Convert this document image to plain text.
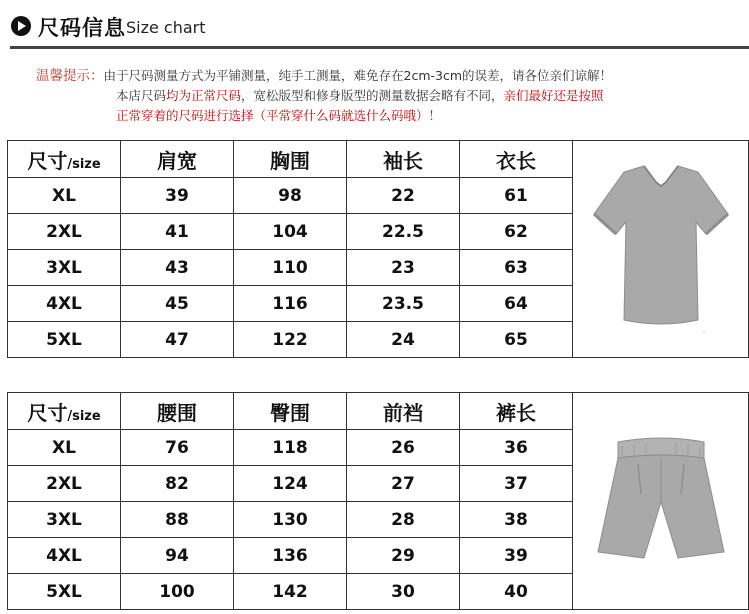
尺码信息 Size chart
温馨提示：由于尺码测量方式为平铺测量，纯手工测量，难免存在2cm-3cm的误差，请各位亲们谅解！
本店尺码均为正常尺码，宽松版型和修身版型的测量数据会略有不同，亲们最好还是按照
正常穿着的尺码进行选择（平常穿什么码就选什么码哦）！
尺寸/size	肩宽	胸围	袖长	衣长	
XL	39	98	22	61	
2XL	41	104	22.5	62	
3XL	43	110	23	63	
4XL	45	116	23.5	64	
5XL	47	122	24	65	
尺寸/size	腰围	臀围	前裆	裤长	
XL	76	118	26	36	
2XL	82	124	27	37	
3XL	88	130	28	38	
4XL	94	136	29	39	
5XL	100	142	30	40	
